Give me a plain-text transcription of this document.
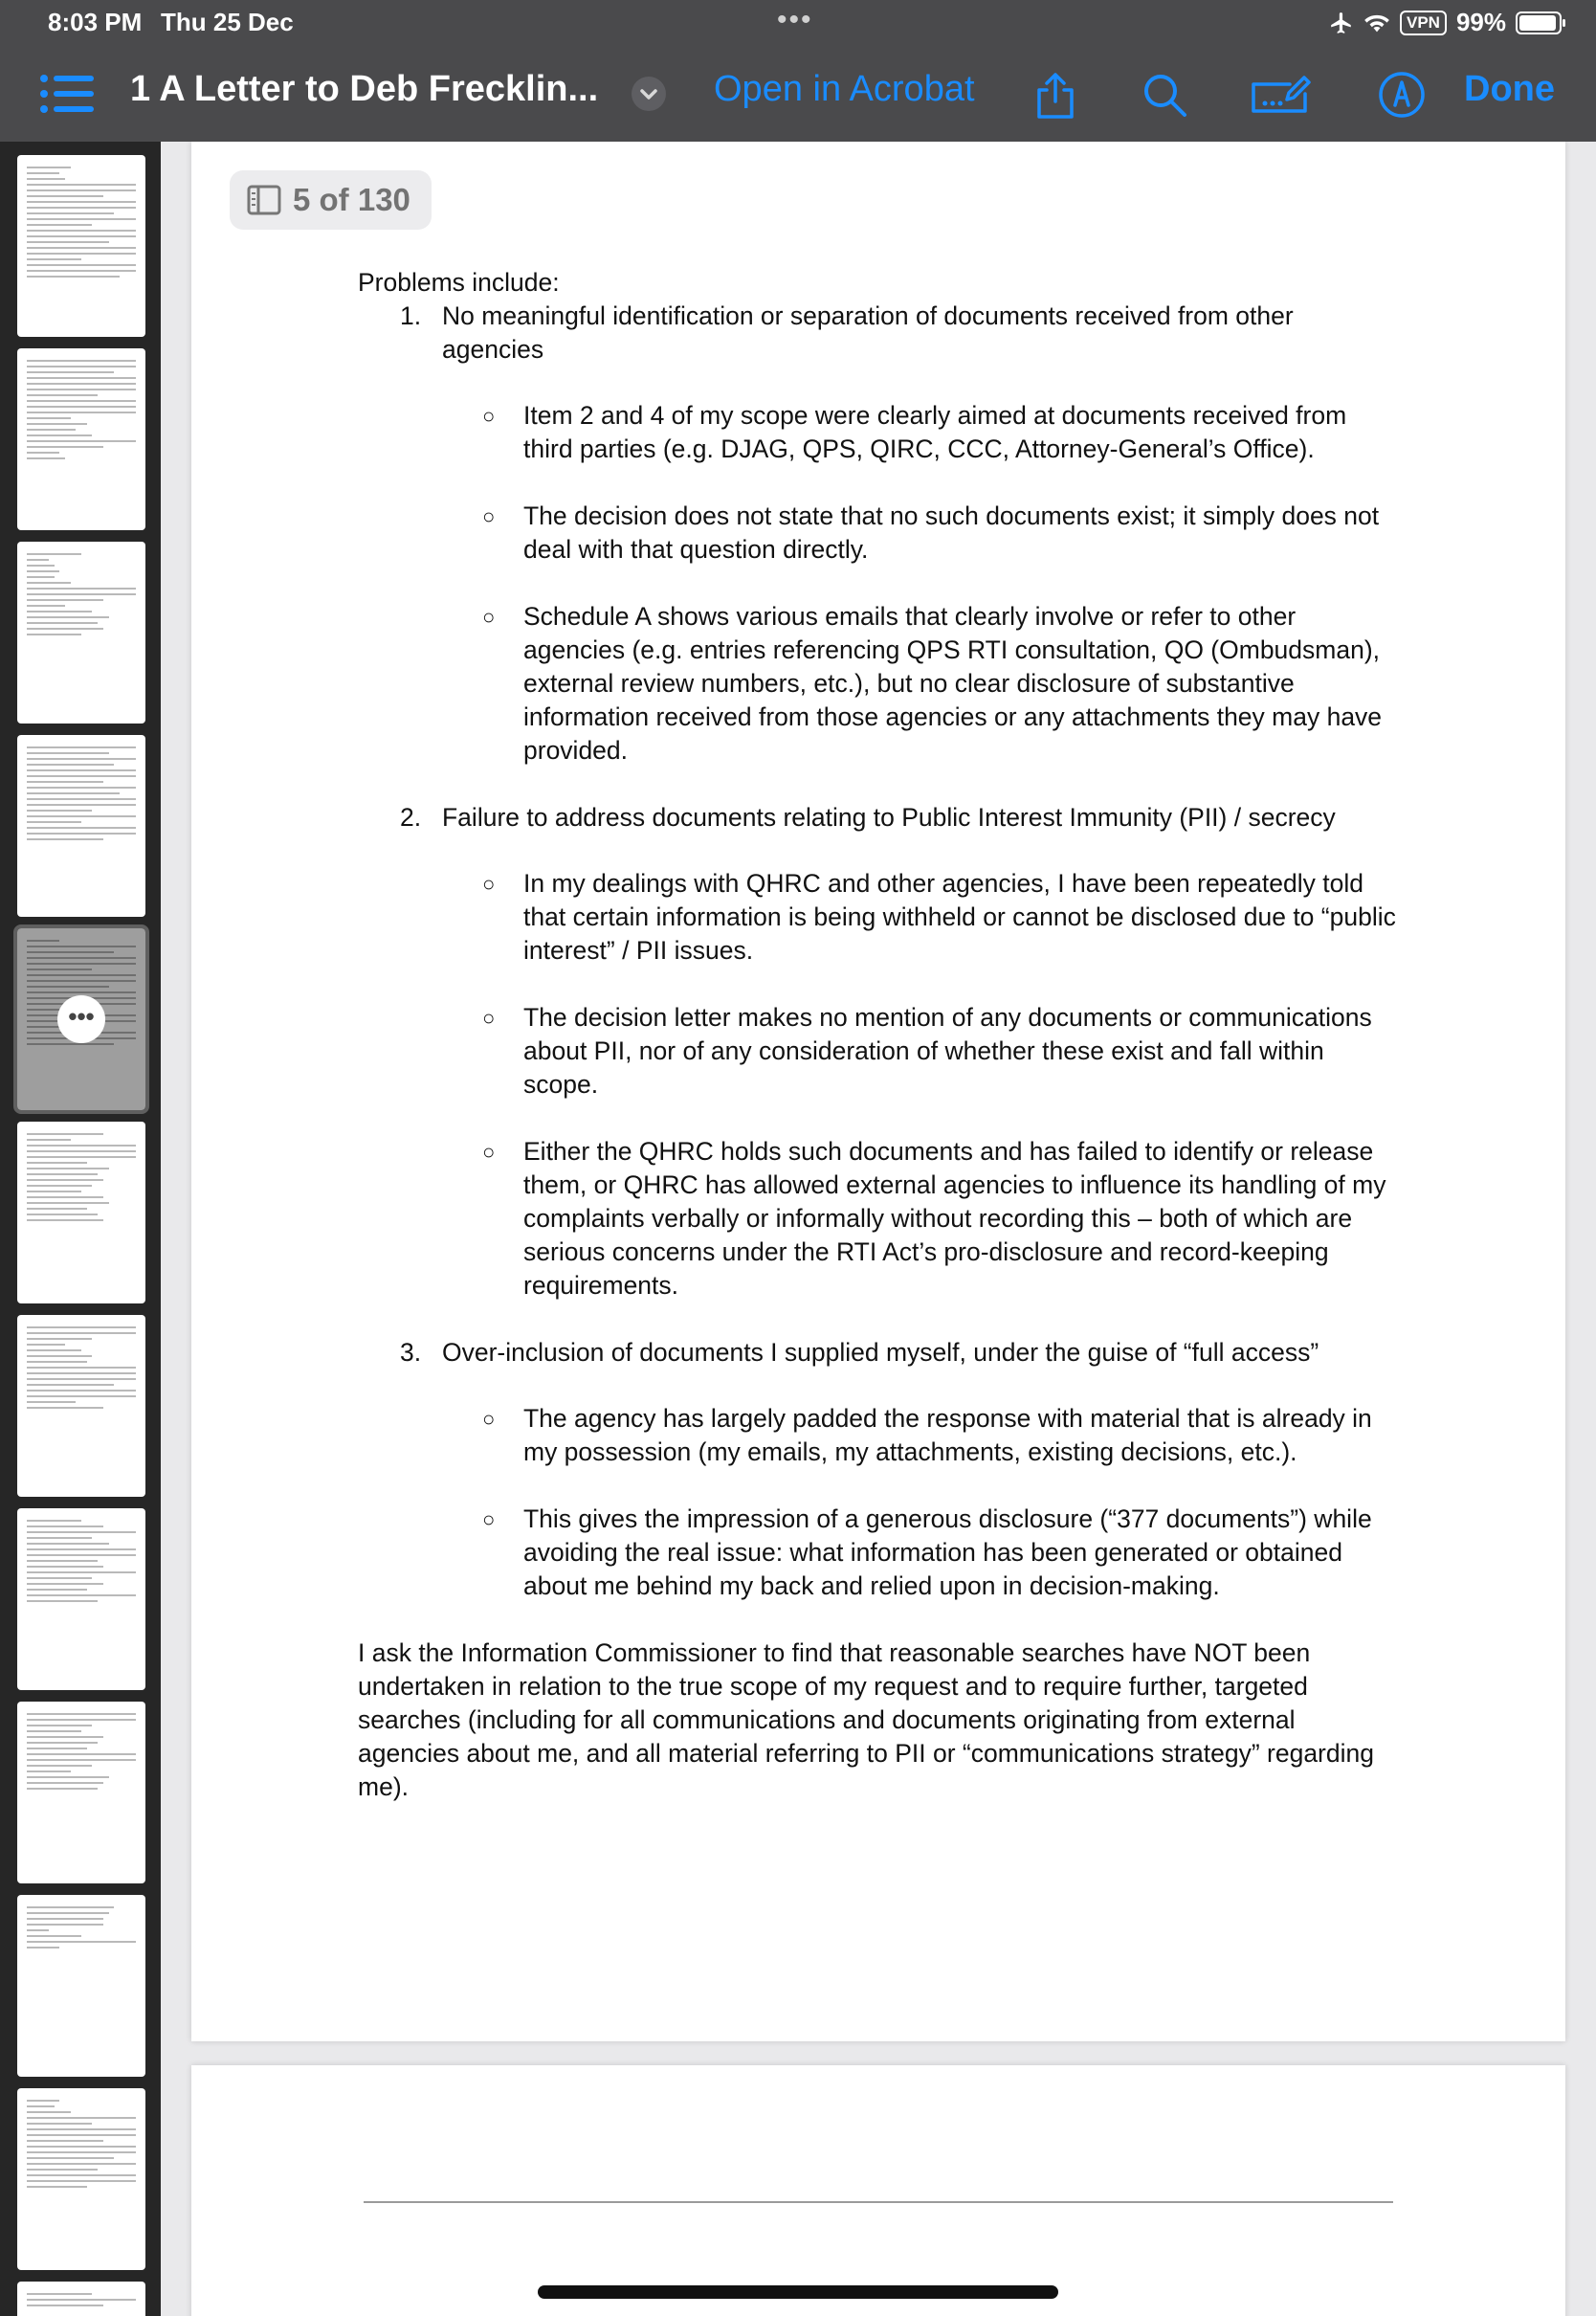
8:03 PM Thu 25 Dec	•••	VPN 99%
1 A Letter to Deb Frecklin...	Open in Acrobat	Done
•••
5 of 130

Problems include:

1. No meaningful identification or separation of documents received from other agencies
○	Item 2 and 4 of my scope were clearly aimed at documents received from third parties (e.g. DJAG, QPS, QIRC, CCC, Attorney-General’s Office).
○	The decision does not state that no such documents exist; it simply does not deal with that question directly.
○	Schedule A shows various emails that clearly involve or refer to other agencies (e.g. entries referencing QPS RTI consultation, QO (Ombudsman), external review numbers, etc.), but no clear disclosure of substantive information received from those agencies or any attachments they may have provided.
2. Failure to address documents relating to Public Interest Immunity (PII) / secrecy
○	In my dealings with QHRC and other agencies, I have been repeatedly told that certain information is being withheld or cannot be disclosed due to “public interest” / PII issues.
○	The decision letter makes no mention of any documents or communications about PII, nor of any consideration of whether these exist and fall within scope.
○	Either the QHRC holds such documents and has failed to identify or release them, or QHRC has allowed external agencies to influence its handling of my complaints verbally or informally without recording this – both of which are serious concerns under the RTI Act’s pro-disclosure and record-keeping requirements.
3. Over-inclusion of documents I supplied myself, under the guise of “full access”
○	The agency has largely padded the response with material that is already in my possession (my emails, my attachments, existing decisions, etc.).
○	This gives the impression of a generous disclosure (“377 documents”) while avoiding the real issue: what information has been generated or obtained about me behind my back and relied upon in decision-making.

I ask the Information Commissioner to find that reasonable searches have NOT been undertaken in relation to the true scope of my request and to require further, targeted searches (including for all communications and documents originating from external agencies about me, and all material referring to PII or “communications strategy” regarding me).
